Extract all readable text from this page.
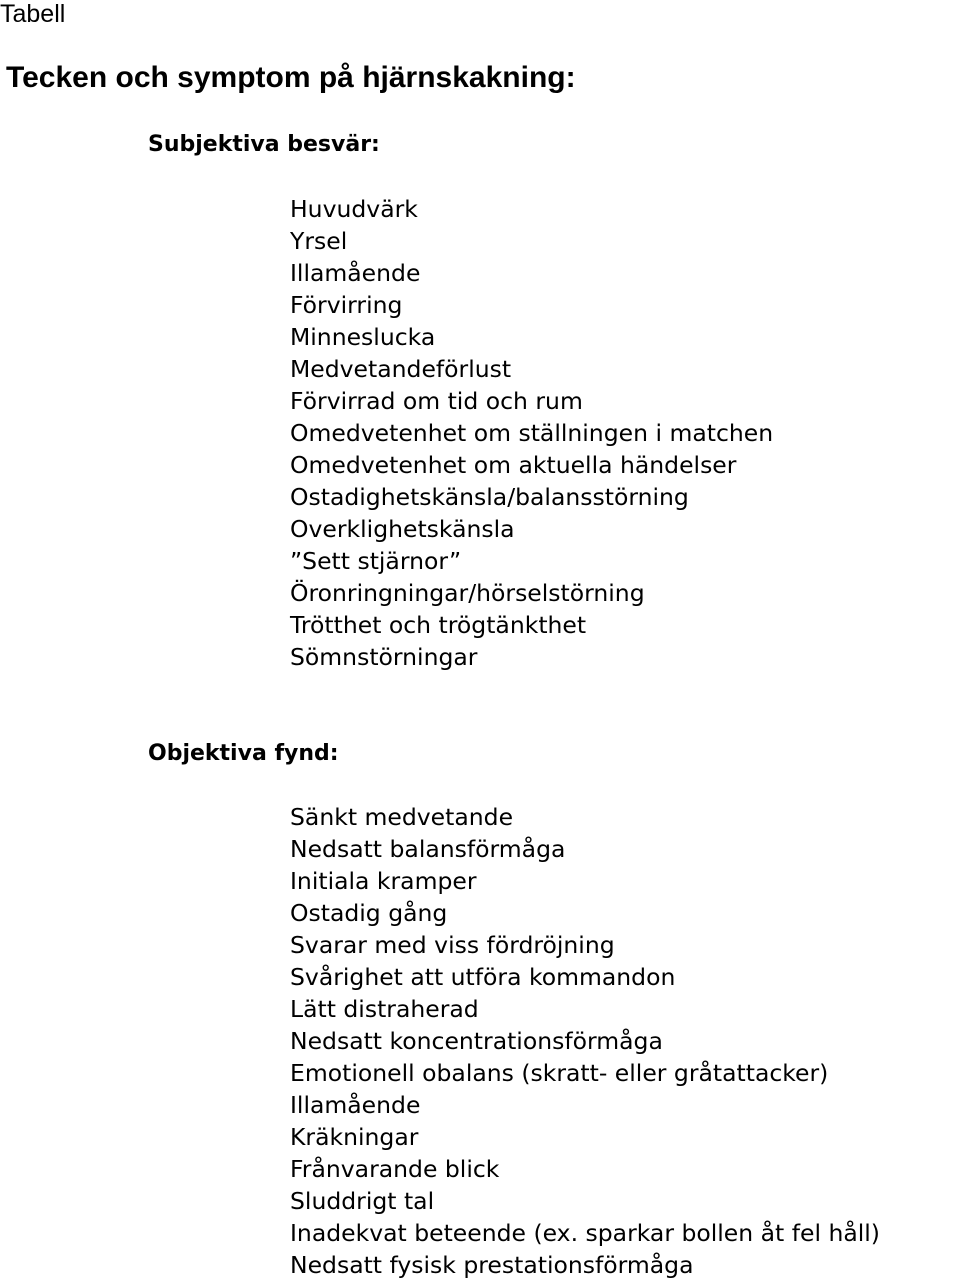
Tabell
Tecken och symptom på hjärnskakning:
Subjektiva besvär:
Huvudvärk
Yrsel
Illamående
Förvirring
Minneslucka
Medvetandeförlust
Förvirrad om tid och rum
Omedvetenhet om ställningen i matchen
Omedvetenhet om aktuella händelser
Ostadighetskänsla/balansstörning
Overklighetskänsla
”Sett stjärnor”
Öronringningar/hörselstörning
Trötthet och trögtänkthet
Sömnstörningar
Objektiva fynd:
Sänkt medvetande
Nedsatt balansförmåga
Initiala kramper
Ostadig gång
Svarar med viss fördröjning
Svårighet att utföra kommandon
Lätt distraherad
Nedsatt koncentrationsförmåga
Emotionell obalans (skratt- eller gråtattacker)
Illamående
Kräkningar
Frånvarande blick
Sluddrigt tal
Inadekvat beteende (ex. sparkar bollen åt fel håll)
Nedsatt fysisk prestationsförmåga
